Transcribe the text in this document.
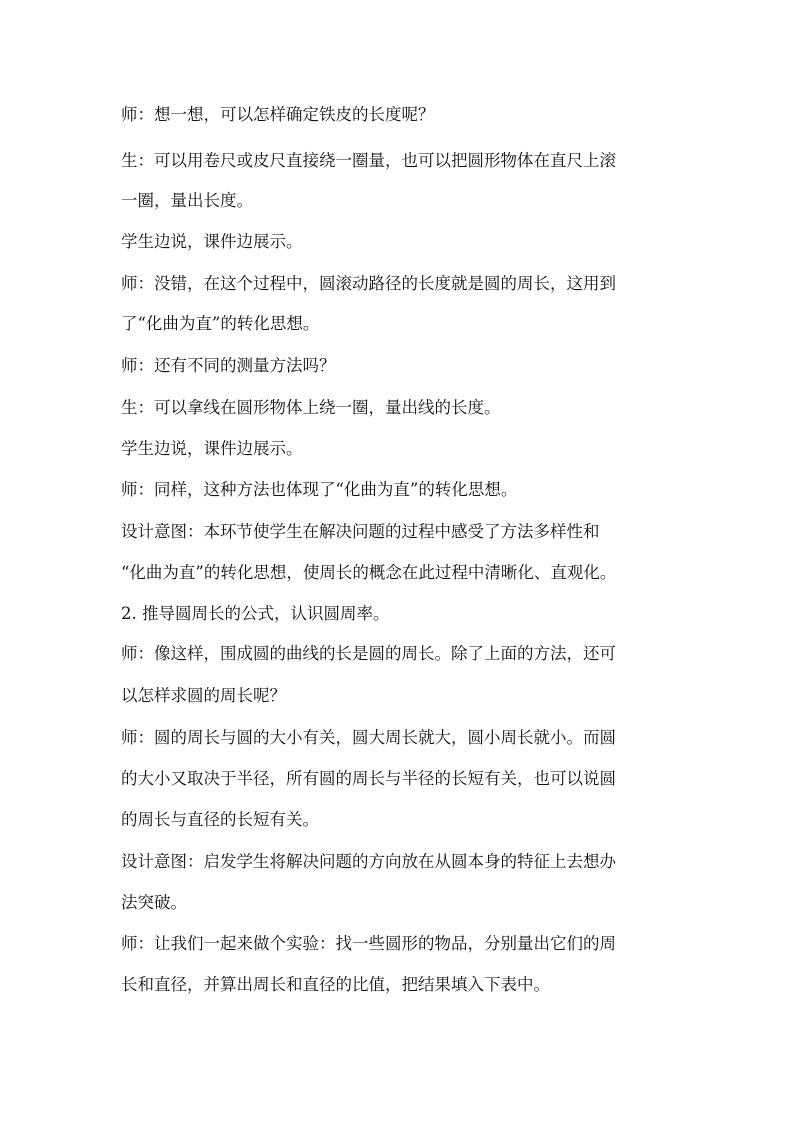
师：想一想，可以怎样确定铁皮的长度呢？

生：可以用卷尺或皮尺直接绕一圈量，也可以把圆形物体在直尺上滚

一圈，量出长度。

学生边说，课件边展示。

师：没错，在这个过程中，圆滚动路径的长度就是圆的周长，这用到

了“化曲为直”的转化思想。

师：还有不同的测量方法吗？

生：可以拿线在圆形物体上绕一圈，量出线的长度。

学生边说，课件边展示。

师：同样，这种方法也体现了“化曲为直”的转化思想。

设计意图：本环节使学生在解决问题的过程中感受了方法多样性和

“化曲为直”的转化思想，使周长的概念在此过程中清晰化、直观化。

2. 推导圆周长的公式，认识圆周率。

师：像这样，围成圆的曲线的长是圆的周长。除了上面的方法，还可

以怎样求圆的周长呢？

师：圆的周长与圆的大小有关，圆大周长就大，圆小周长就小。而圆

的大小又取决于半径，所有圆的周长与半径的长短有关，也可以说圆

的周长与直径的长短有关。

设计意图：启发学生将解决问题的方向放在从圆本身的特征上去想办

法突破。

师：让我们一起来做个实验：找一些圆形的物品，分别量出它们的周

长和直径，并算出周长和直径的比值，把结果填入下表中。
